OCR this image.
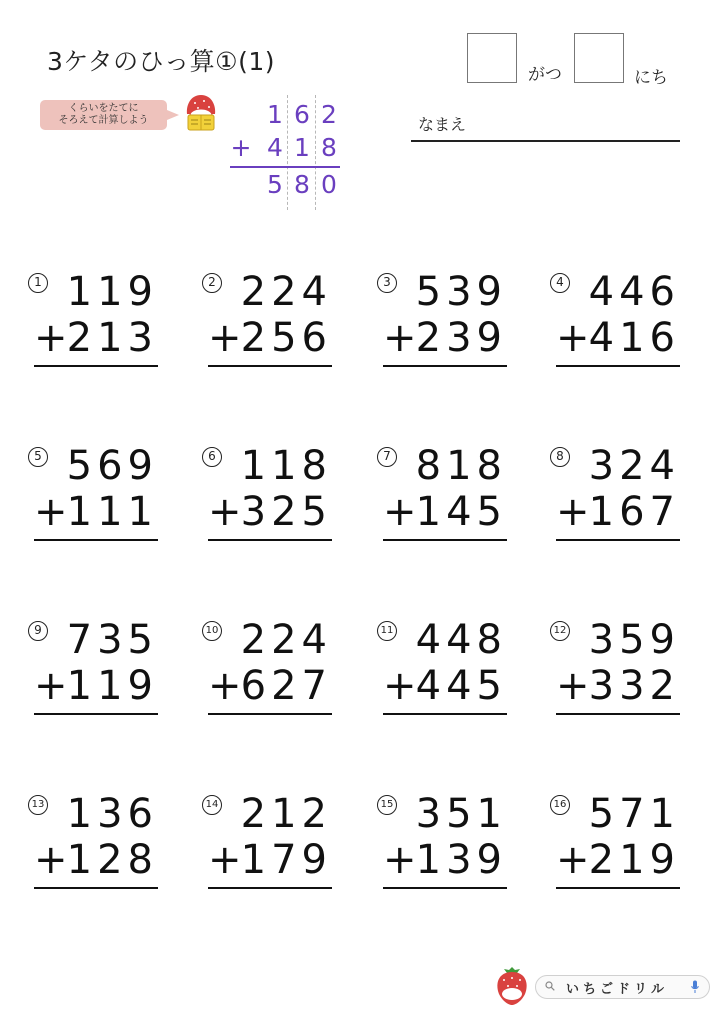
3ケタのひっ算①(1)	がつ	にち
なまえ
くらいをたてに
そろえて計算しよう	1 6 2
+ 4 1 8
5 8 0
1 119
+ 213
2 224
+ 256
3 539
+ 239
4 446
+ 416
5 569
+ 111
6 118
+ 325
7 818
+ 145
8 324
+ 167
9 735
+ 119
10 224
+ 627
11 448
+ 445
12 359
+ 332
13 136
+ 128
14 212
+ 179
15 351
+ 139
16 571
+ 219
いちごドリル
